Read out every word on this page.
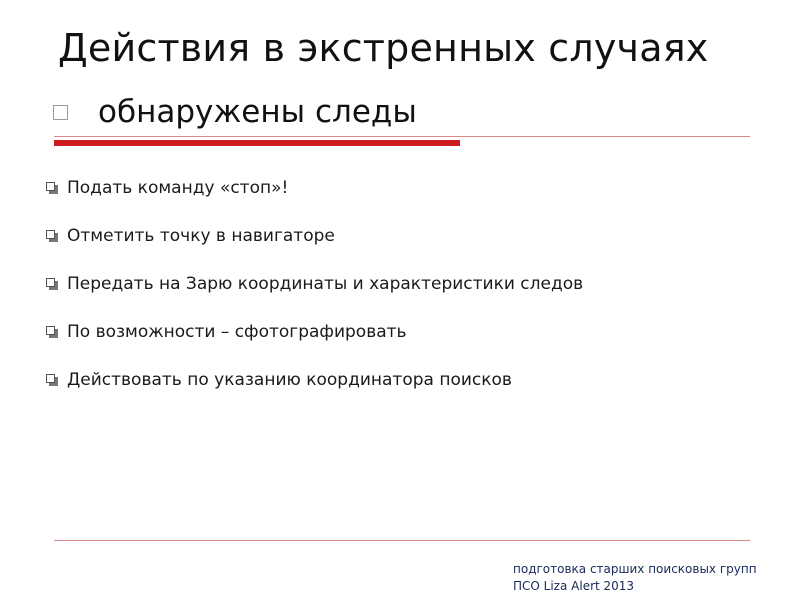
Действия в экстренных случаях
обнаружены следы
Подать команду «стоп»!
Отметить точку в навигаторе
Передать на Зарю координаты и характеристики следов
По возможности – сфотографировать
Действовать по указанию координатора поисков
подготовка старших поисковых групп
ПСО Liza Alert 2013
